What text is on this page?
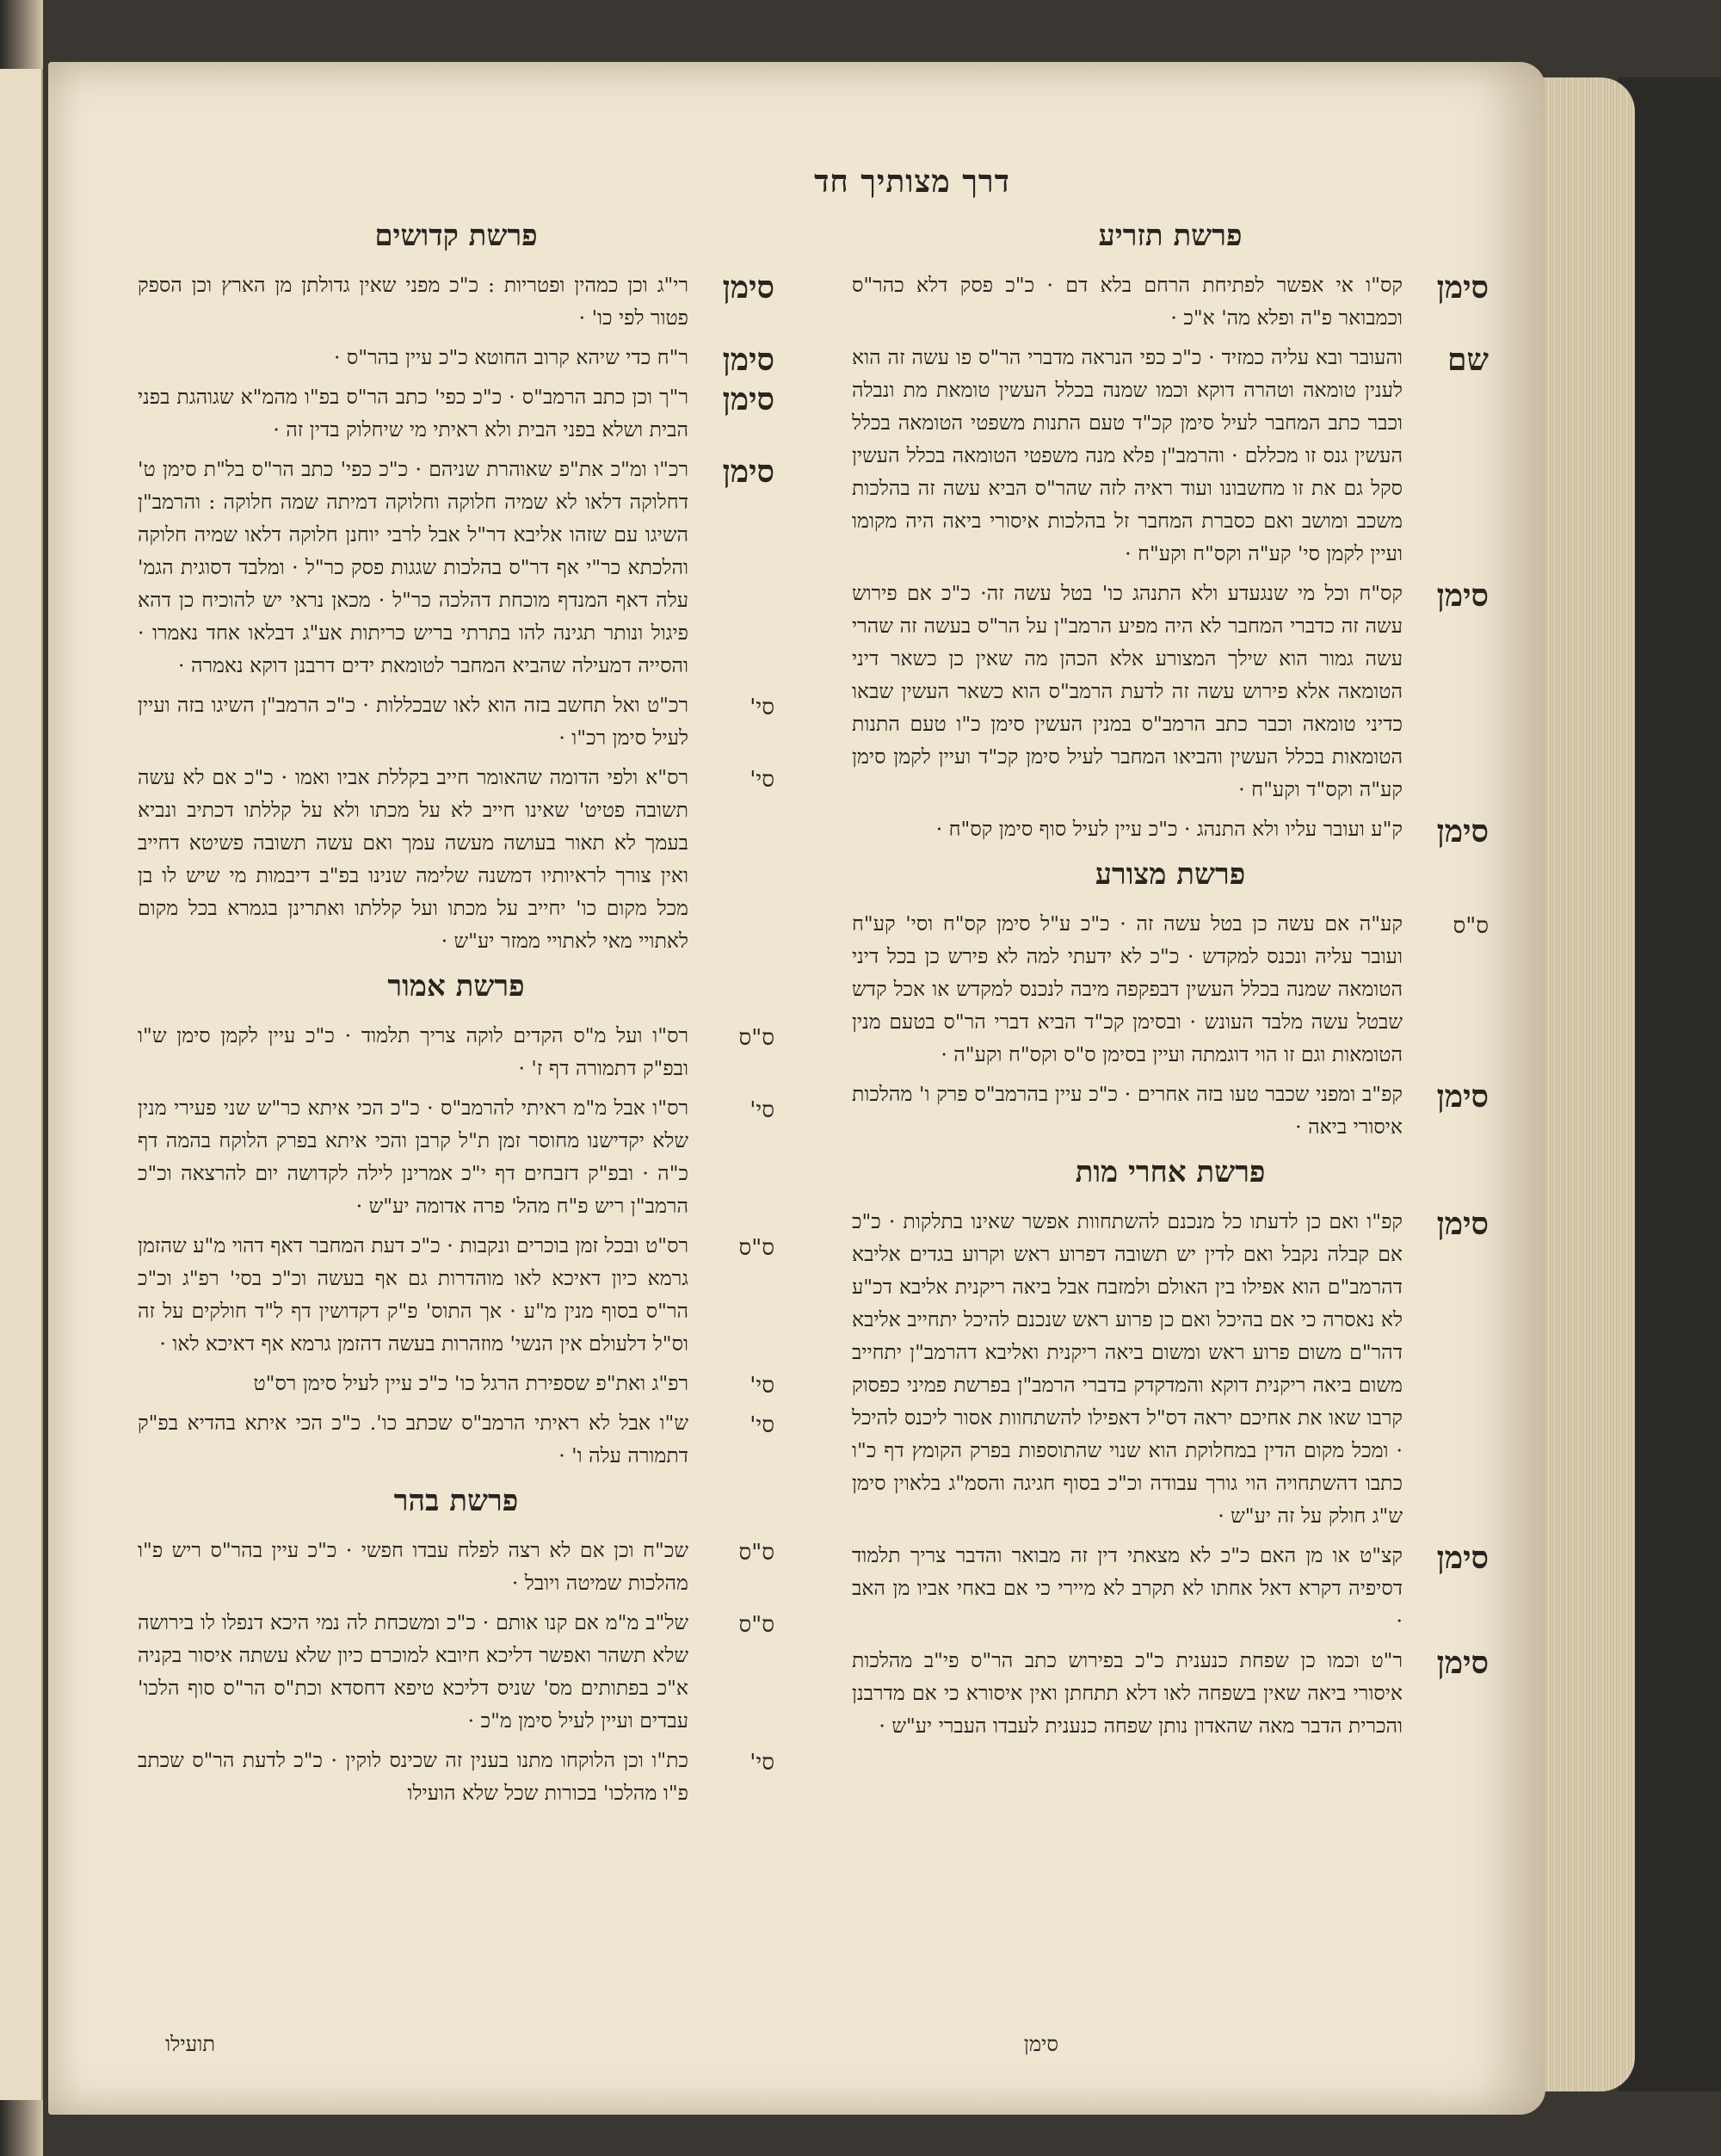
דרך מצותיך חד
פרשת תזריע
סימן
קס"ו אי אפשר לפתיחת הרחם בלא דם · כ"כ פסק דלא כהר"ס וכמבואר פ"ה ופלא מה' א"כ ·
שם
והעובר ובא עליה כמזיד · כ"כ כפי הנראה מדברי הר"ס פו עשה זה הוא לענין טומאה וטהרה דוקא וכמו שמנה בכלל העשין טומאת מת ונבלה וכבר כתב המחבר לעיל סימן קכ"ד טעם התנות משפטי הטומאה בכלל העשין גנס זו מכללם · והרמב"ן פלא מנה משפטי הטומאה בכלל העשין סקל גם את זו מחשבונו ועוד ראיה לזה שהר"ס הביא עשה זה בהלכות משכב ומושב ואם כסברת המחבר זל בהלכות איסורי ביאה היה מקומו ועיין לקמן סי' קע"ה וקס"ח וקע"ח ·
סימן
קס"ח וכל מי שנגעדע ולא התנהג כו' בטל עשה זה· כ"כ אם פירוש עשה זה כדברי המחבר לא היה מפיע הרמב"ן על הר"ס בעשה זה שהרי עשה גמור הוא שילך המצורע אלא הכהן מה שאין כן כשאר דיני הטומאה אלא פירוש עשה זה לדעת הרמב"ס הוא כשאר העשין שבאו כדיני טומאה וכבר כתב הרמב"ס במנין העשין סימן כ"ו טעם התנות הטומאות בכלל העשין והביאו המחבר לעיל סימן קכ"ד ועיין לקמן סימן קע"ה וקס"ד וקע"ח ·
סימן
ק"ע ועובר עליו ולא התנהג · כ"כ עיין לעיל סוף סימן קס"ח ·
פרשת מצורע
ס"ס
קע"ה אם עשה כן בטל עשה זה · כ"כ ע"ל סימן קס"ח וסי' קע"ח ועובר עליה ונכנס למקדש · כ"כ לא ידעתי למה לא פירש כן בכל דיני הטומאה שמנה בכלל העשין דבפקפה מיבה לנכנס למקדש או אכל קדש שבטל עשה מלבד העונש · ובסימן קכ"ד הביא דברי הר"ס בטעם מנין הטומאות וגם זו הוי דוגמתה ועיין בסימן ס"ס וקס"ח וקע"ה ·
סימן
קפ"ב ומפני שכבר טעו בזה אחרים · כ"כ עיין בהרמב"ס פרק ו' מהלכות איסורי ביאה ·
פרשת אחרי מות
סימן
קפ"ו ואם כן לדעתו כל מנכנם להשתחוות אפשר שאינו בתלקות · כ"כ אם קבלה נקבל ואם לדין יש תשובה דפרוע ראש וקרוע בגדים אליבא דהרמב"ם הוא אפילו בין האולם ולמזבח אבל ביאה ריקנית אליבא דכ"ע לא נאסרה כי אם בהיכל ואם כן פרוע ראש שנכנם להיכל יתחייב אליבא דהר"ם משום פרוע ראש ומשום ביאה ריקנית ואליבא דהרמב"ן יתחייב משום ביאה ריקנית דוקא והמדקדק בדברי הרמב"ן בפרשת פמיני כפסוק קרבו שאו את אחיכם יראה דס"ל דאפילו להשתחוות אסור ליכנס להיכל · ומכל מקום הדין במחלוקת הוא שנוי שהתוספות בפרק הקומץ דף כ"ו כתבו דהשתחויה הוי גורך עבודה וכ"כ בסוף חגיגה והסמ"ג בלאוין סימן ש"ג חולק על זה יע"ש ·
סימן
קצ"ט או מן האם כ"כ לא מצאתי דין זה מבואר והדבר צריך תלמוד דסיפיה דקרא דאל אחתו לא תקרב לא מיירי כי אם באחי אביו מן האב ·
סימן
ר"ט וכמו כן שפחת כנענית כ"כ בפירוש כתב הר"ס פי"ב מהלכות איסורי ביאה שאין בשפחה לאו דלא תתחתן ואין איסורא כי אם מדרבנן והכרית הדבר מאה שהאדון נותן שפחה כנענית לעבדו העברי יע"ש ·
פרשת קדושים
סימן
רי"ג וכן כמהין ופטריות : כ"כ מפני שאין גדולתן מן הארץ וכן הספק פטור לפי כו' ·
סימן
ר"ח כדי שיהא קרוב החוטא כ"כ עיין בהר"ס ·
סימן
ר"ך וכן כתב הרמב"ס · כ"כ כפי' כתב הר"ס בפ"ו מהמ"א שגוהגת בפני הבית ושלא בפני הבית ולא ראיתי מי שיחלוק בדין זה ·
סימן
רכ"ו ומ"כ את"פ שאוהרת שניהם · כ"כ כפי' כתב הר"ס בל"ת סימן ט' דחלוקה דלאו לא שמיה חלוקה וחלוקה דמיתה שמה חלוקה : והרמב"ן השיגו עם שזהו אליבא דר"ל אבל לרבי יוחנן חלוקה דלאו שמיה חלוקה והלכתא כר"י אף דר"ס בהלכות שגגות פסק כר"ל · ומלבד דסוגית הגמ' עלה דאף המנדף מוכחת דהלכה כר"ל · מכאן נראי יש להוכיח כן דהא פיגול ונותר תגינה להו בתרתי בריש כריתות אע"ג דבלאו אחד נאמרו · והסייה דמעילה שהביא המחבר לטומאת ידים דרבנן דוקא נאמרה ·
סי'
רכ"ט ואל תחשב בזה הוא לאו שבכללות · כ"כ הרמב"ן השיגו בזה ועיין לעיל סימן רכ"ו ·
סי'
רס"א ולפי הדומה שהאומר חייב בקללת אביו ואמו · כ"כ אם לא עשה תשובה פטיט' שאינו חייב לא על מכתו ולא על קללתו דכתיב ונביא בעמך לא תאור בעושה מעשה עמך ואם עשה תשובה פשיטא דחייב ואין צורך לראיותיו דמשנה שלימה שנינו בפ"ב דיבמות מי שיש לו בן מכל מקום כו' יחייב על מכתו ועל קללתו ואתרינן בגמרא בכל מקום לאתויי מאי לאתויי ממזר יע"ש ·
פרשת אמור
ס"ס
רס"ו ועל מ"ס הקדים לוקה צריך תלמוד · כ"כ עיין לקמן סימן ש"ו ובפ"ק דתמורה דף ז' ·
סי'
רס"ו אבל מ"מ ראיתי להרמב"ס · כ"כ הכי איתא כר"ש שני פעירי מנין שלא יקדישנו מחוסר זמן ת"ל קרבן והכי איתא בפרק הלוקח בהמה דף כ"ה · ובפ"ק דזבחים דף י"כ אמרינן לילה לקדושה יום להרצאה וכ"כ הרמב"ן ריש פ"ח מהל' פרה אדומה יע"ש ·
ס"ס
רס"ט ובכל זמן בוכרים ונקבות · כ"כ דעת המחבר דאף דהוי מ"ע שהזמן גרמא כיון דאיכא לאו מוהדרות גם אף בעשה וכ"כ בסי' רפ"ג וכ"כ הר"ס בסוף מנין מ"ע · אך התוס' פ"ק דקדושין דף ל"ד חולקים על זה וס"ל דלעולם אין הנשי' מוזהרות בעשה דהזמן גרמא אף דאיכא לאו ·
סי'
רפ"ג ואת"פ שספירת הרגל כו' כ"כ עיין לעיל סימן רס"ט
סי'
ש"ו אבל לא ראיתי הרמב"ס שכתב כו'. כ"כ הכי איתא בהדיא בפ"ק דתמורה עלה ו' ·
פרשת בהר
ס"ס
שכ"ח וכן אם לא רצה לפלח עבדו חפשי · כ"כ עיין בהר"ס ריש פ"ו מהלכות שמיטה ויובל ·
ס"ס
של"ב מ"מ אם קנו אותם · כ"כ ומשכחת לה נמי היכא דנפלו לו בירושה שלא תשהר ואפשר דליכא חיובא למוכרם כיון שלא עשתה איסור בקניה א"כ בפתותים מס' שניס דליכא טיפא דחסדא וכת"ס הר"ס סוף הלכו' עבדים ועיין לעיל סימן מ"כ ·
סי'
כת"ו וכן הלוקחו מתנו בענין זה שכינס לוקין · כ"כ לדעת הר"ס שכתב פ"ו מהלכו' בכורות שכל שלא הועילו
סימן
תועילו
